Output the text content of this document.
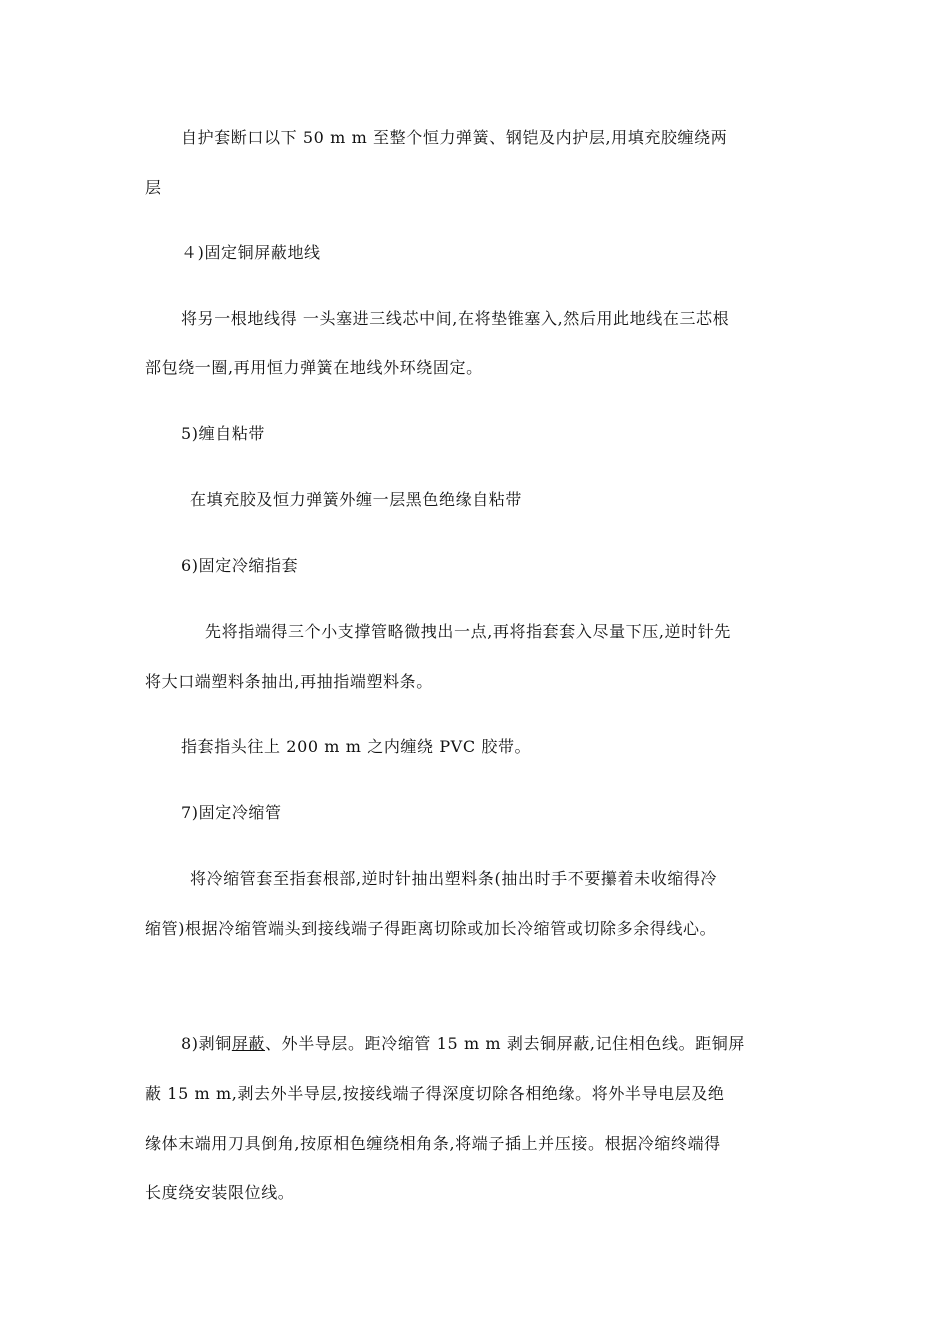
自护套断口以下 50 m m 至整个恒力弹簧、钢铠及内护层,用填充胶缠绕两
层
４)固定铜屏蔽地线
将另一根地线得 一头塞进三线芯中间,在将垫锥塞入,然后用此地线在三芯根
部包绕一圈,再用恒力弹簧在地线外环绕固定。
5)缠自粘带
在填充胶及恒力弹簧外缠一层黑色绝缘自粘带
6)固定冷缩指套
先将指端得三个小支撑管略微拽出一点,再将指套套入尽量下压,逆时针先
将大口端塑料条抽出,再抽指端塑料条。
指套指头往上 200 m m 之内缠绕 PVC 胶带。
7)固定冷缩管
将冷缩管套至指套根部,逆时针抽出塑料条(抽出时手不要攥着未收缩得冷
缩管)根据冷缩管端头到接线端子得距离切除或加长冷缩管或切除多余得线心。
8)剥铜屏蔽、外半导层。距冷缩管 15 m m 剥去铜屏蔽,记住相色线。距铜屏
蔽 15 m m,剥去外半导层,按接线端子得深度切除各相绝缘。将外半导电层及绝
缘体末端用刀具倒角,按原相色缠绕相角条,将端子插上并压接。根据冷缩终端得
长度绕安装限位线。
